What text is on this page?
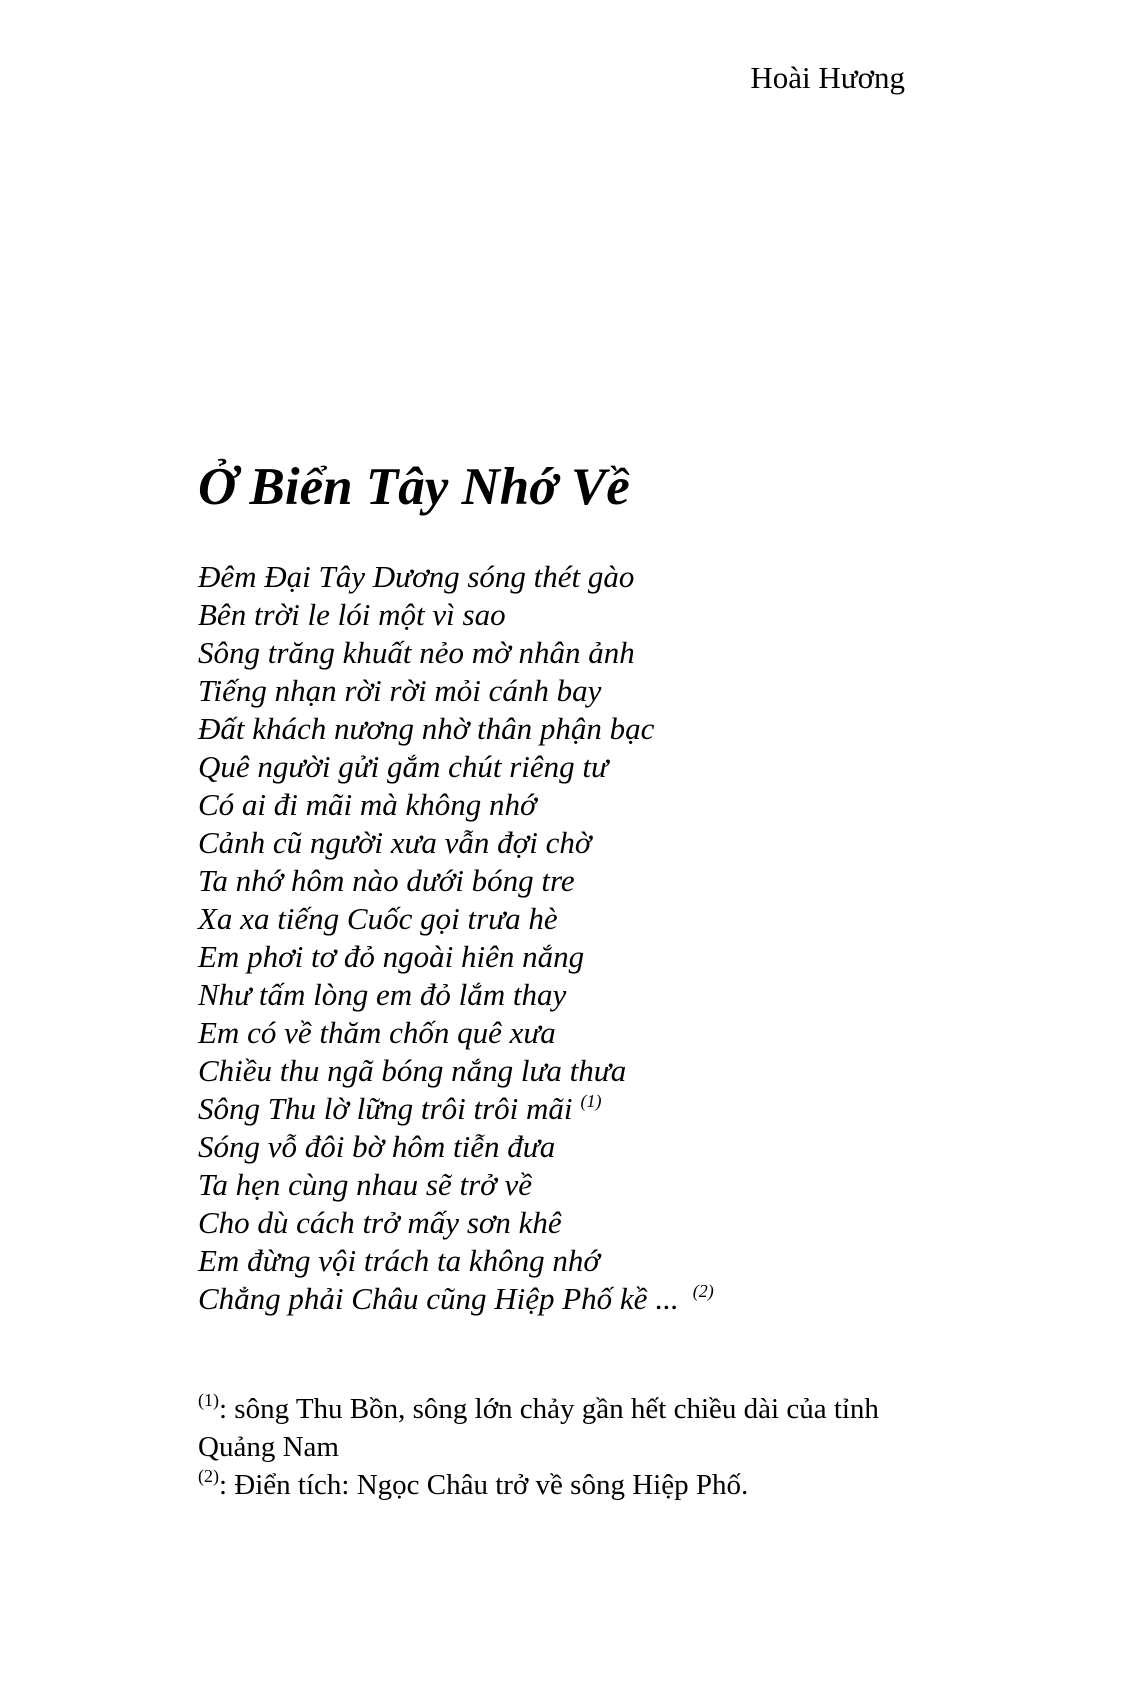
Hoài Hương
Ở Biển Tây Nhớ Về
Đêm Đại Tây Dương sóng thét gào
Bên trời le lói một vì sao
Sông trăng khuất nẻo mờ nhân ảnh
Tiếng nhạn rời rời mỏi cánh bay
Đất khách nương nhờ thân phận bạc
Quê người gửi gắm chút riêng tư
Có ai đi mãi mà không nhớ
Cảnh cũ người xưa vẫn đợi chờ
Ta nhớ hôm nào dưới bóng tre
Xa xa tiếng Cuốc gọi trưa hè
Em phơi tơ đỏ ngoài hiên nắng
Như tấm lòng em đỏ lắm thay
Em có về thăm chốn quê xưa
Chiều thu ngã bóng nắng lưa thưa
Sông Thu lờ lững trôi trôi mãi $^{(1)}$
Sóng vỗ đôi bờ hôm tiễn đưa
Ta hẹn cùng nhau sẽ trở về
Cho dù cách trở mấy sơn khê
Em đừng vội trách ta không nhớ
Chẳng phải Châu cũng Hiệp Phố kề ... $^{(2)}$

$^{(1)}$: sông Thu Bồn, sông lớn chảy gần hết chiều dài của tỉnh Quảng Nam

$^{(2)}$: Điển tích: Ngọc Châu trở về sông Hiệp Phố.
